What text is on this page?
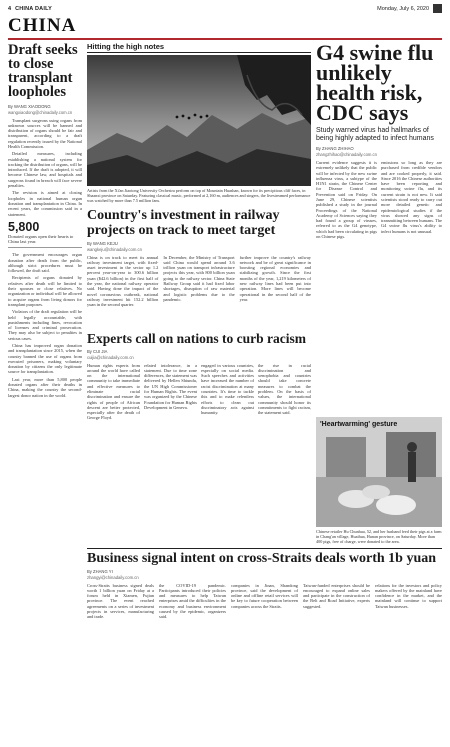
4 CHINA DAILY	Monday, July 6, 2020
CHINA
Draft seeks to close transplant loopholes
By WANG XIAODONG
wangxiaodong@chinadaily.com.cn

Transplant surgeons using organs from unknown sources will be banned and distribution of organs should be fair and transparent, according to a draft regulation recently issued by the National Health Commission.

Detailed measures, including establishing a national system for tracking the distribution of organs, will be introduced. If the draft is adopted, it will become Chinese law, and hospitals and surgeons found in breach will face severe penalties.

The revision is aimed at closing loopholes in national human organ donation and transplantation in China. In recent years, the commission said in a statement.

5,800
Donated organs open their hearts to China last year.

The government encourages organ donation after death from the public, although strict procedures must be followed, the draft said.

Recipients of organs donated by relatives after death will be limited to their spouses or close relatives. No organization or individual will be allowed to acquire organs from living donors for transplant purposes.

Violators of the draft regulation will be held legally accountable, with punishments including fines, revocation of licenses and criminal prosecution. They may also be subject to penalties in serious cases.

China has improved organ donation and transplantation since 2015, when the country banned the use of organs from executed prisoners, making voluntary donation by citizens the only legitimate source for transplantation.

Last year, more than 5,800 people donated organs after their deaths in China, making the country the second-largest donor nation in the world.

Hitting the high notes
Artists from the Xi'an Jiaotong University Orchestra perform on top of Mountain Huashan, known for its precipitous cliff faces, in Shaanxi province on Saturday. Featuring classical music, performed at 2,160 m, audiences and singers, the livestreamed performance was watched by more than 7.5 million fans.
Country's investment in railway projects on track to meet target
By WANG KEJU
wangkeju@chinadaily.com.cn
China is on track to meet its annual railway investment target, with fixed-asset investment in the sector up 1.2 percent year-on-year to 300.6 billion yuan ($42.6 billion) in the first half of the year, the national railway operator said. Having done the impact of the novel coronavirus outbreak, national railway investment hit 152.2 billion yuan in the second quarter.
In December, the Ministry of Transport said China would spend around 3.6 trillion yuan on transport infrastructure projects this year, with 800 billion yuan going to the railway sector. China State Railway Group said it had fixed labor shortages, disruption of raw material and logistic problems due to the pandemic.
further improve the country's railway network and be of great significance in boosting regional economies and stabilizing growth. Since the first months of the year, 1,219 kilometers of new railway lines had been put into operation. More lines will become operational in the second half of the year.
G4 swine flu unlikely health risk, CDC says
Study warned virus had hallmarks of being highly adapted to infect humans
By ZHANG ZHIHAO
zhangzhihao@chinadaily.com.cn
Current evidence suggests it is extremely unlikely that the public will be infected by the new swine influenza virus, a subtype of the H1N1 strain, the Chinese Center for Disease Control and Prevention said on Friday. On June 29, Chinese scientists published a study in the journal Proceedings of the National Academy of Sciences saying they had found a group of viruses, referred to as the G4 genotype, which had been circulating in pigs on Chinese pigs.
emissions so long as they are purchased from credible vendors and are cooked properly, it said. Since 2016 the Chinese authorities have been reporting and monitoring swine flu, and its current strain is not new. It said scientists stood ready to carry out more detailed genetic and epidemiological studies if the virus showed any signs of transmitting between humans. The G4 swine flu virus's ability to infect humans is not unusual.
'Heartwarming' gesture
Chinese retailer Hu Chunhua, 52, and her husband feed their pigs at a farm in Chang'an village, Huaihua, Hunan province, on Saturday. More than 400 pigs, free of charge, were donated to the area.
Experts call on nations to curb racism
By CUI JIA
cuijia@chinadaily.com.cn
Human rights experts from around the world have called on the international community to take immediate and effective measures to eliminate racial discrimination and ensure the rights of people of African descent are better protected, especially after the death of George Floyd.
related intolerance, in a statement. Due to time zone differences, the statement was delivered by Hellen Shiundu, the UN High Commissioner for Human Rights. The event was organized by the Chinese Foundation for Human Rights Development in Geneva.
engaged in various countries, especially on social media. Such speeches and activities have increased the number of racist discrimination at many countries. It's time to tackle this and to make relentless efforts to clean out discriminatory acts against humanity.
the rise in racial discrimination and xenophobia and countries should take concrete measures to combat the problem. On the basis of values, the international community should honor its commitments to fight racism, the statement said.
Business signal intent on cross-Straits deals worth 1b yuan
By ZHANG YI
zhangyi@chinadaily.com.cn
Cross-Straits business signed deals worth 1 billion yuan on Friday at a forum held in Xiamen, Fujian province. The event reached agreements on a series of investment projects in services, manufacturing and trade.
the COVID-19 pandemic. Participants introduced their policies and measures to help Taiwan enterprises amid the difficulties in the economy and business environment caused by the epidemic, organizers said.
companies in Jinan, Shandong province, said the development of online and offline retail services will be key to future cooperation between companies across the Straits.
Taiwan-funded enterprises should be encouraged to expand online sales and participate in the construction of the Belt and Road Initiative, experts suggested.
relations for the investors and policy makers offered by the mainland have confidence in the market, and the mainland will continue to support Taiwan businesses.
